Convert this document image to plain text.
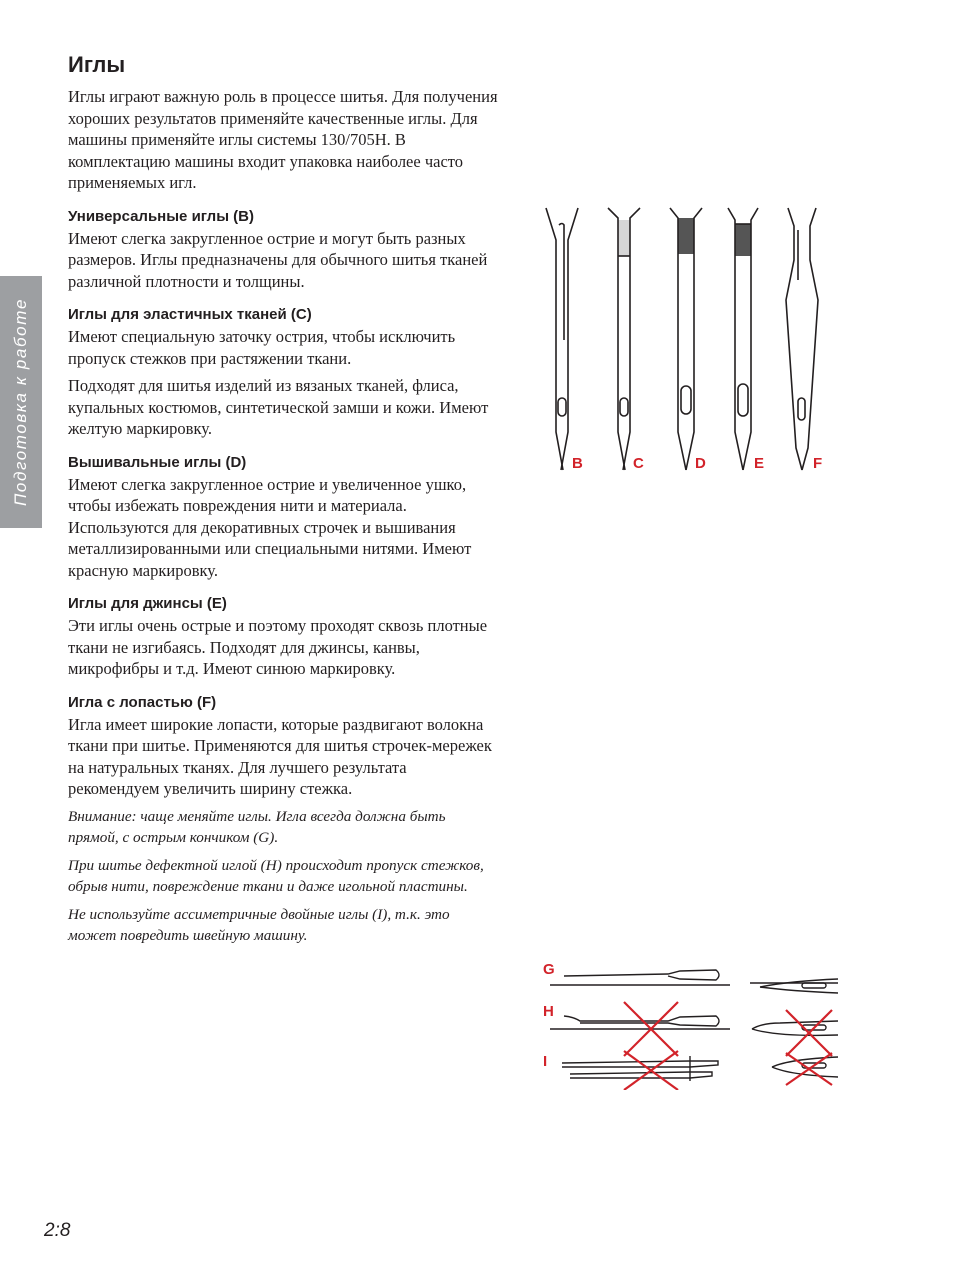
Подготовка к работе
Иглы

Иглы играют важную роль в процессе шитья. Для получения хороших результатов применяйте качественные иглы. Для машины применяйте иглы системы 130/705H. В комплектацию машины входит упаковка наиболее часто применяемых игл.

Универсальные иглы (B)

Имеют слегка закругленное острие и могут быть разных размеров. Иглы предназначены для обычного шитья тканей различной плотности и толщины.

Иглы для эластичных тканей (C)

Имеют специальную заточку острия, чтобы исключить пропуск стежков при растяжении ткани.

Подходят для шитья изделий из вязаных тканей, флиса, купальных костюмов, синтетической замши и кожи. Имеют желтую маркировку.

Вышивальные иглы (D)

Имеют слегка закругленное острие и увеличенное ушко, чтобы избежать повреждения нити и материала. Используются для декоративных строчек и вышивания металлизированными или специальными нитями. Имеют красную маркировку.

Иглы для джинсы (E)

Эти иглы очень острые и поэтому проходят сквозь плотные ткани не изгибаясь. Подходят для джинсы, канвы, микрофибры и т.д. Имеют синюю маркировку.

Игла с лопастью (F)

Игла имеет широкие лопасти, которые раздвигают волокна ткани при шитье. Применяются для шитья строчек-мережек на натуральных тканях. Для лучшего результата рекомендуем увеличить ширину стежка.

Внимание: чаще меняйте иглы. Игла всегда должна быть прямой, с острым кончиком (G).

При шитье дефектной иглой (H) происходит пропуск стежков, обрыв нити, повреждение ткани и даже игольной пластины.

Не используйте ассиметричные двойные иглы (I), т.к. это может повредить швейную машину.

B	C	D	E	F
G
H
I
2:8
